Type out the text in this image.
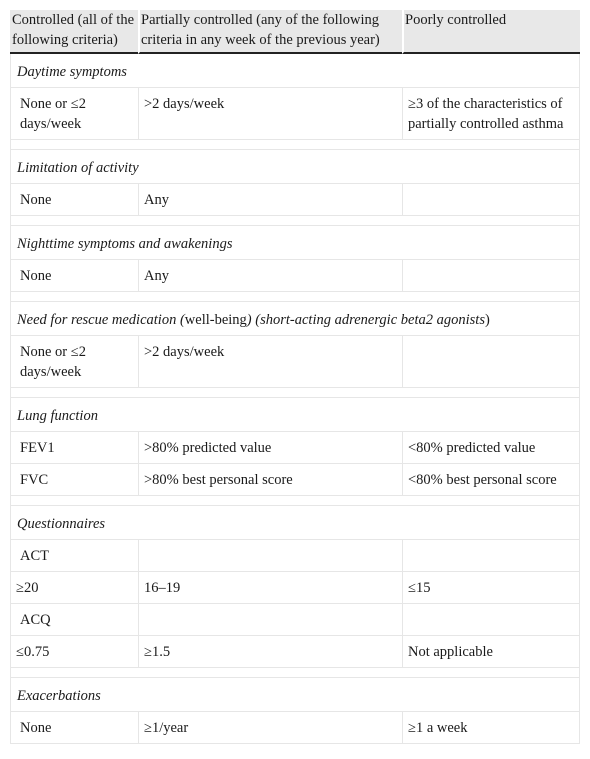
Controlled (all of the following criteria)	Partially controlled (any of the following criteria in any week of the previous year)	Poorly controlled
Daytime symptoms		
None or ≤2 days/week	>2 days/week	≥3 of the characteristics of partially controlled asthma

Limitation of activity		
None	Any	

Nighttime symptoms and awakenings		
None	Any	

Need for rescue medication (well-being) (short-acting adrenergic beta2 agonists)		
None or ≤2 days/week	>2 days/week	

Lung function		
FEV1	>80% predicted value	<80% predicted value
FVC	>80% best personal score	<80% best personal score

Questionnaires		
ACT		
≥20	16–19	≤15
ACQ		
≤0.75	≥1.5	Not applicable

Exacerbations		
None	≥1/year	≥1 a week
